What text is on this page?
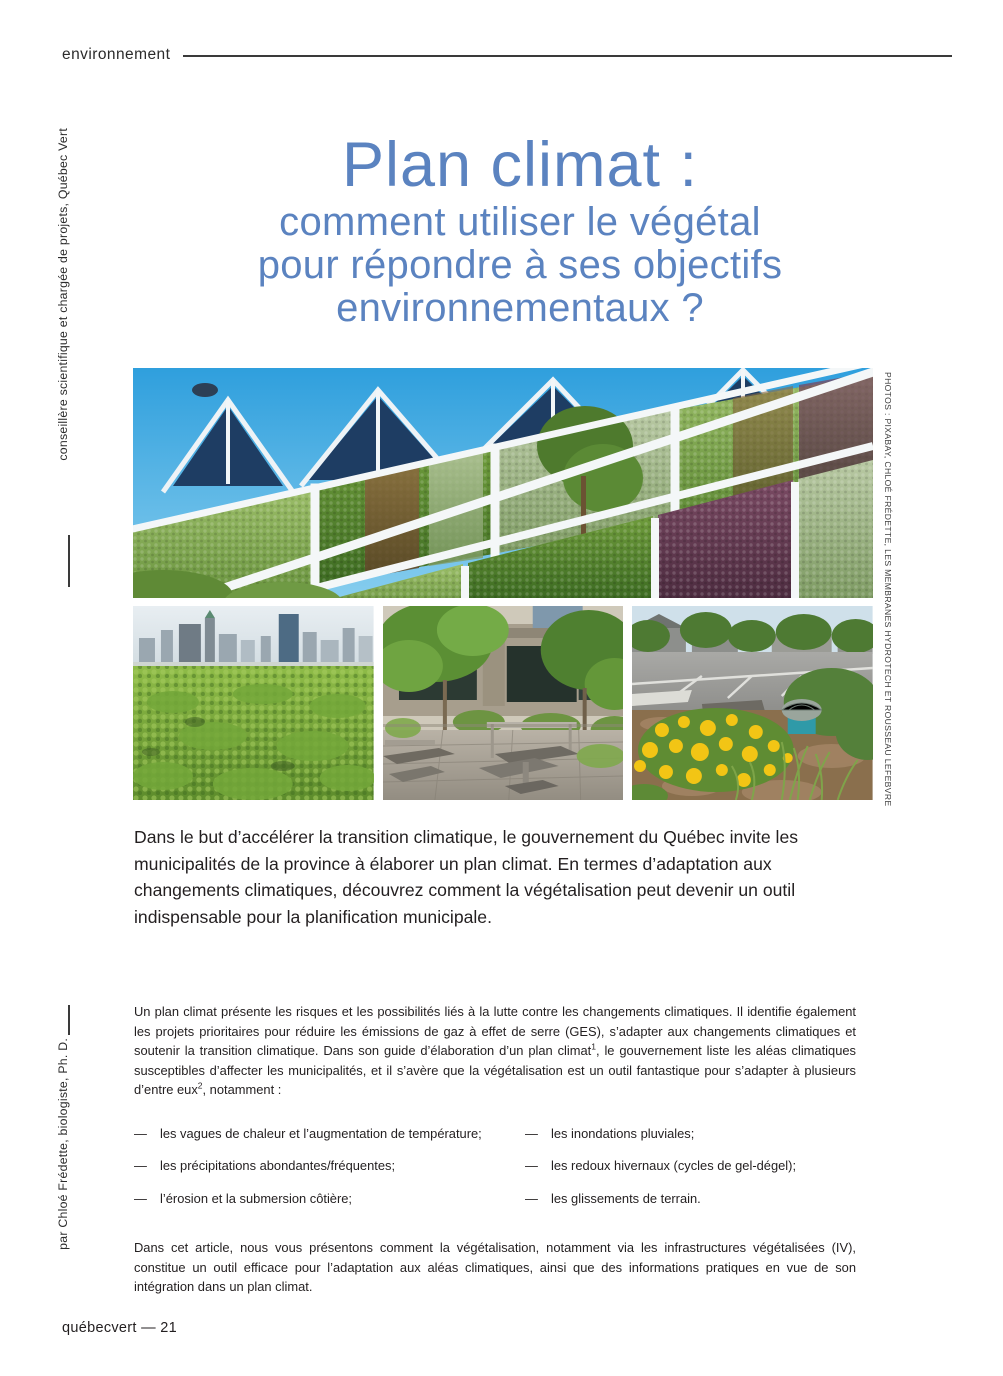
environnement
conseillère scientifique et chargée de projets, Québec Vert
par Chloé Frédette, biologiste, Ph. D.
PHOTOS : PIXABAY, CHLOÉ FRÉDETTE, LES MEMBRANES HYDROTECH ET ROUSSEAU LEFEBVRE
Plan climat :
comment utiliser le végétal
pour répondre à ses objectifs
environnementaux ?

Dans le but d’accélérer la transition climatique, le gouvernement du Québec invite les municipalités de la province à élaborer un plan climat. En termes d’adaptation aux changements climatiques, découvrez comment la végétalisation peut devenir un outil indispensable pour la planification municipale.

Un plan climat présente les risques et les possibilités liés à la lutte contre les changements climatiques. Il identifie également les projets prioritaires pour réduire les émissions de gaz à effet de serre (GES), s’adapter aux changements climatiques et soutenir la transition climatique. Dans son guide d’élaboration d’un plan climat$^1$, le gouvernement liste les aléas climatiques susceptibles d’affecter les municipalités, et il s’avère que la végétalisation est un outil fantastique pour s’adapter à plusieurs d’entre eux$^2$, notamment :

—	les vagues de chaleur et l’augmentation de température;
—	les précipitations abondantes/fréquentes;
—	l’érosion et la submersion côtière;
—	les inondations pluviales;
—	les redoux hivernaux (cycles de gel-dégel);
—	les glissements de terrain.

Dans cet article, nous vous présentons comment la végétalisation, notamment via les infrastructures végétalisées (IV), constitue un outil efficace pour l’adaptation aux aléas climatiques, ainsi que des informations pratiques en vue de son intégration dans un plan climat.

québecvert — 21
